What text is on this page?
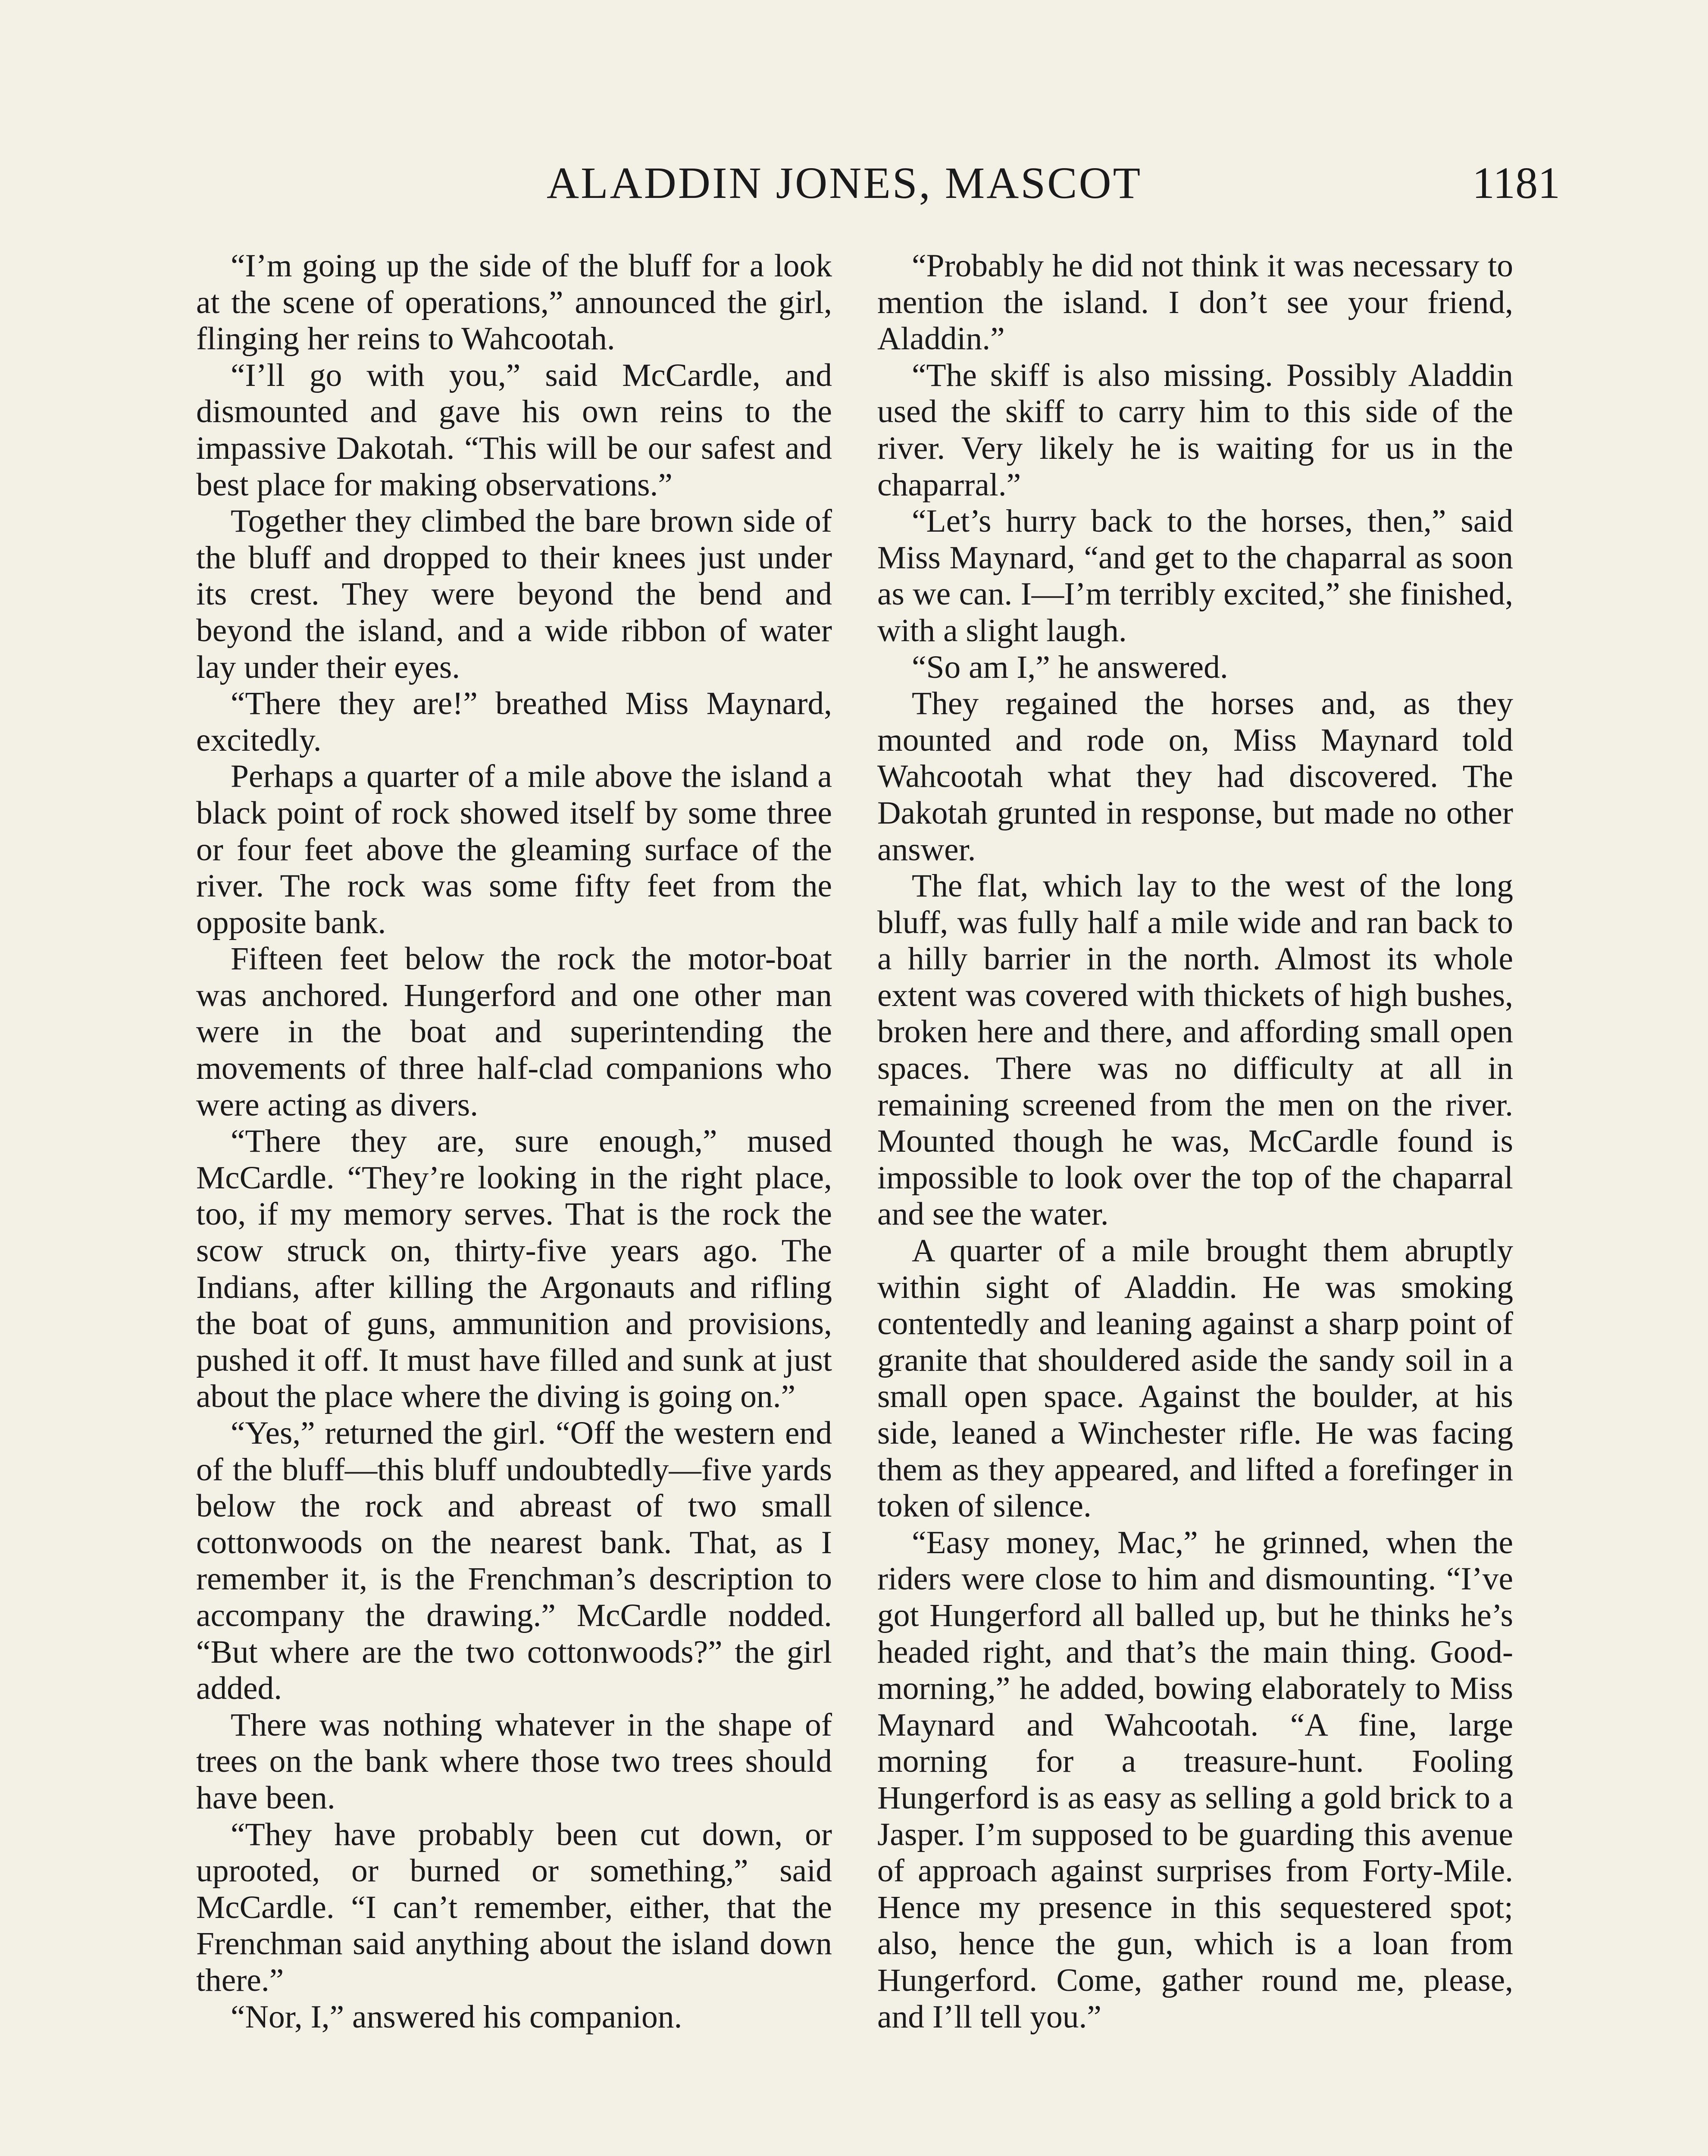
ALADDIN JONES, MASCOT	1181

“I’m going up the side of the bluff for a look at the scene of operations,” announced the girl, flinging her reins to Wahcootah.

“I’ll go with you,” said McCardle, and dismounted and gave his own reins to the impassive Dakotah. “This will be our safest and best place for making observations.”

Together they climbed the bare brown side of the bluff and dropped to their knees just under its crest. They were beyond the bend and beyond the island, and a wide ribbon of water lay under their eyes.

“There they are!” breathed Miss Maynard, excitedly.

Perhaps a quarter of a mile above the island a black point of rock showed itself by some three or four feet above the gleaming surface of the river. The rock was some fifty feet from the opposite bank.

Fifteen feet below the rock the motor-boat was anchored. Hungerford and one other man were in the boat and superintending the movements of three half-clad companions who were acting as divers.

“There they are, sure enough,” mused McCardle. “They’re looking in the right place, too, if my memory serves. That is the rock the scow struck on, thirty-five years ago. The Indians, after killing the Argonauts and rifling the boat of guns, ammunition and provisions, pushed it off. It must have filled and sunk at just about the place where the diving is going on.”

“Yes,” returned the girl. “Off the western end of the bluff—this bluff undoubtedly—five yards below the rock and abreast of two small cottonwoods on the nearest bank. That, as I remember it, is the Frenchman’s description to accompany the drawing.” McCardle nodded. “But where are the two cottonwoods?” the girl added.

There was nothing whatever in the shape of trees on the bank where those two trees should have been.

“They have probably been cut down, or uprooted, or burned or something,” said McCardle. “I can’t remember, either, that the Frenchman said anything about the island down there.”

“Nor, I,” answered his companion.

“Probably he did not think it was necessary to mention the island. I don’t see your friend, Aladdin.”

“The skiff is also missing. Possibly Aladdin used the skiff to carry him to this side of the river. Very likely he is waiting for us in the chaparral.”

“Let’s hurry back to the horses, then,” said Miss Maynard, “and get to the chaparral as soon as we can. I—I’m terribly excited,” she finished, with a slight laugh.

“So am I,” he answered.

They regained the horses and, as they mounted and rode on, Miss Maynard told Wahcootah what they had discovered. The Dakotah grunted in response, but made no other answer.

The flat, which lay to the west of the long bluff, was fully half a mile wide and ran back to a hilly barrier in the north. Almost its whole extent was covered with thickets of high bushes, broken here and there, and affording small open spaces. There was no difficulty at all in remaining screened from the men on the river. Mounted though he was, McCardle found is impossible to look over the top of the chaparral and see the water.

A quarter of a mile brought them abruptly within sight of Aladdin. He was smoking contentedly and leaning against a sharp point of granite that shouldered aside the sandy soil in a small open space. Against the boulder, at his side, leaned a Winchester rifle. He was facing them as they appeared, and lifted a forefinger in token of silence.

“Easy money, Mac,” he grinned, when the riders were close to him and dismounting. “I’ve got Hungerford all balled up, but he thinks he’s headed right, and that’s the main thing. Good-morning,” he added, bowing elaborately to Miss Maynard and Wahcootah. “A fine, large morning for a treasure-hunt. Fooling Hungerford is as easy as selling a gold brick to a Jasper. I’m supposed to be guarding this avenue of approach against surprises from Forty-Mile. Hence my presence in this sequestered spot; also, hence the gun, which is a loan from Hungerford. Come, gather round me, please, and I’ll tell you.”
